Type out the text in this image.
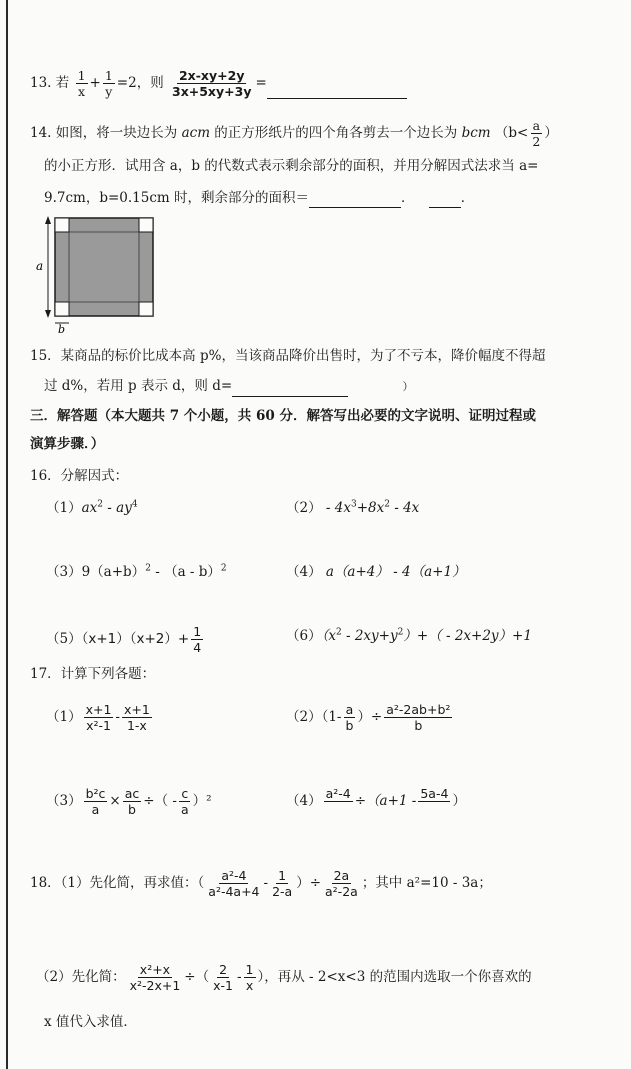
13. 若 $\frac{1}{x} + \frac{1}{y} =2$，则 $\frac{2x-xy+2y}{3x+5xy+3y}$ =
14. 如图，将一块边长为 acm 的正方形纸片的四个角各剪去一个边长为 bcm （$b< \frac{a}{2}$ ）
的小正方形．试用含 a，b 的代数式表示剩余部分的面积，并用分解因式法求当 a=
9.7cm，b=0.15cm 时，剩余部分的面积＝	．	．
a
b
15．某商品的标价比成本高 p%，当该商品降价出售时，为了不亏本，降价幅度不得超
过 d%，若用 p 表示 d，则 d=	）
三．解答题（本大题共 7 个小题，共 60 分．解答写出必要的文字说明、证明过程或
演算步骤．）
16．分解因式：
$(1)ax^2 - ay^4$	$(2) - 4x^3+8x^2 - 4x$
$(3)9(a+b)^2 - (a - b)^2$	（4） a（a+4） - 4（a+1）
$(5)(x+1)(x+2)+ \frac{1}{4}$	$(6)(x^2 - 2xy+y^2)+( - 2x+2y)+1$
17．计算下列各题：
$(1) \frac{x+1}{\text{x²-1}} - \frac{x+1}{1-x}$	$(2)(1- \frac{a}{b}$ ）÷ $\frac{\text{a²-2ab+b²}}{b}$
$(3) \frac{\text{b²c}}{a} \times \frac{ac}{b}$ ÷（ - $\frac{c}{a} )^2$	（4） a²-4
÷（a+1 - 5a-4
）
18．（1）先化简，再求值：（ $\frac{\text{a²-4}}{\text{a²-4a+4}} - \frac{1}{2-a}$ ）÷ $\frac{2a}{\text{a²-2a}}$ ；其中 a²=10 - 3a；
（2）先化简： $\frac{\text{x²+x}}{\text{x²-2x+1}}$ ÷（ $\frac{2}{x-1} - \frac{1}{x}$ ），再从 - 2<x<3 的范围内选取一个你喜欢的
x 值代入求值．
